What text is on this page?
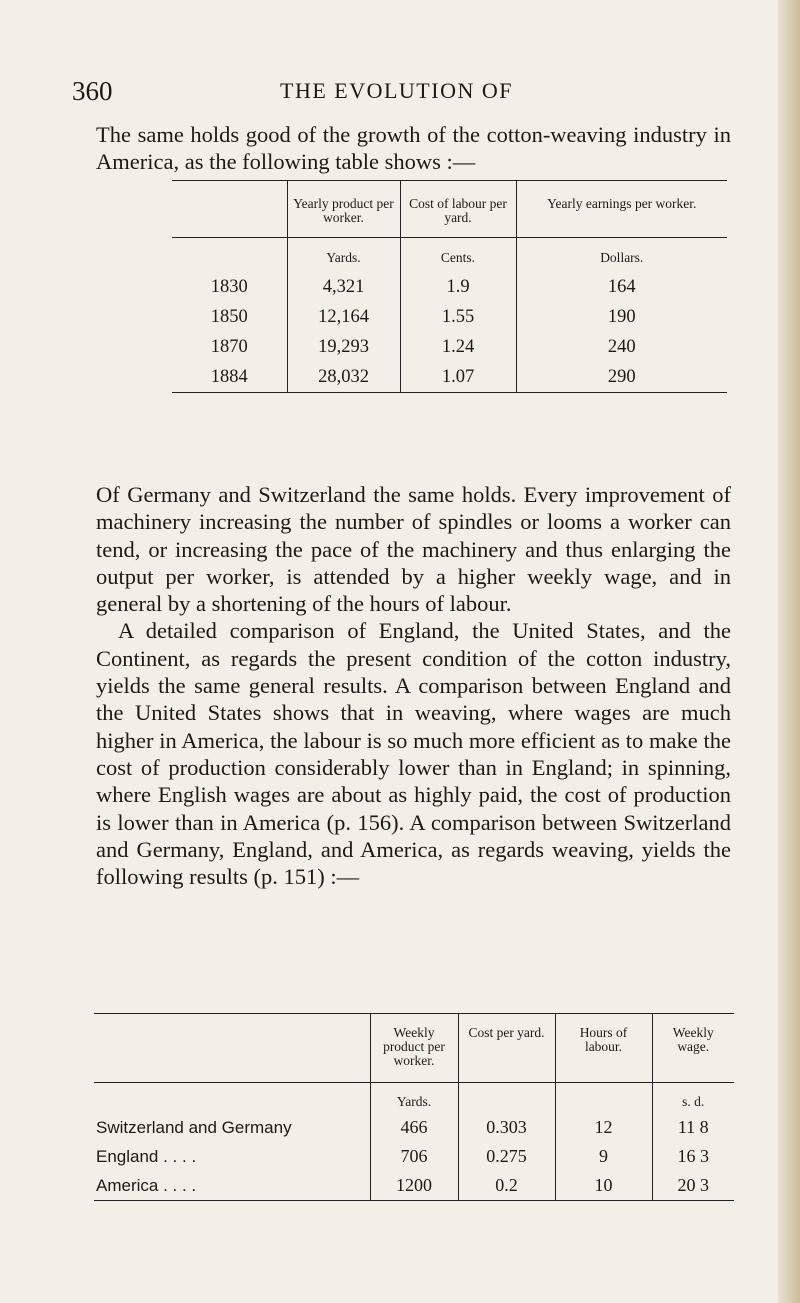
360	THE EVOLUTION OF

The same holds good of the growth of the cotton-weaving industry in America, as the following table shows :—

	Yearly product per worker.	Cost of labour per yard.	Yearly earnings per worker.
	Yards.	Cents.	Dollars.
1830	4,321	1.9	164
1850	12,164	1.55	190
1870	19,293	1.24	240
1884	28,032	1.07	290

Of Germany and Switzerland the same holds. Every improvement of machinery increasing the number of spindles or looms a worker can tend, or increasing the pace of the machinery and thus enlarging the output per worker, is attended by a higher weekly wage, and in general by a shortening of the hours of labour.

A detailed comparison of England, the United States, and the Continent, as regards the present condition of the cotton industry, yields the same general results. A comparison between England and the United States shows that in weaving, where wages are much higher in America, the labour is so much more efficient as to make the cost of production considerably lower than in England; in spinning, where English wages are about as highly paid, the cost of production is lower than in America (p. 156). A comparison between Switzerland and Germany, England, and America, as regards weaving, yields the following results (p. 151) :—

	Weekly product per worker.	Cost per yard.	Hours of labour.	Weekly wage.
	Yards.			s. d.
Switzerland and Germany	466	0.303	12	11 8
England . . . .	706	0.275	9	16 3
America . . . .	1200	0.2	10	20 3
